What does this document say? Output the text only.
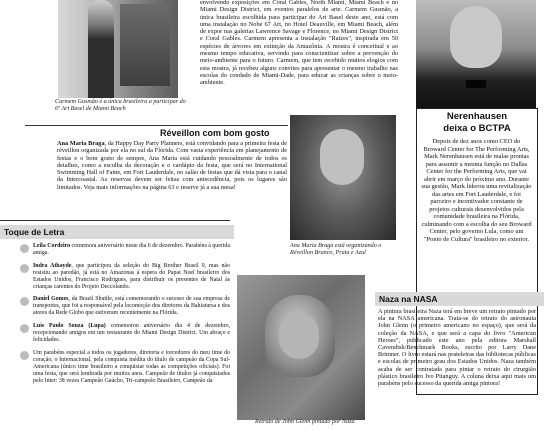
Carmem Gusmão é a única brasileira a participar do 6º Art Basel de Miami Beach
envolvendo exposições em Coral Gables, North Miami, Miami Beach e no Miami Design District, em eventos paralelos de arte. Carmem Gusmão, a única brasileira escolhida para participar do Art Basel deste ano, está com uma instalação no Nobe 67 Art, no Hotel Deauville, em Miami Beach, além de expor nas galerias Lawrence Savage e Florence, no Miami Design District e Coral Gables. Carmem apresenta a instalação "Raizes", inspirada em 50 espécies de árvores em extinção da Amazônia. A mostra é conceitual e ao mesmo tempo educativa, servindo para conscientizar sobre a prevenção do meio-ambiente para o futuro. Carmem, que tem recebido muitos elogios com esta mostra, já recebeu alguns convites para apresentar o mesmo trabalho nas escolas do condado de Miami-Dade, para educar as crianças sobre o meio-ambiente.
Nerenhausen
deixa o BCTPA
Depois de dez anos como CEO do Broward Center for The Performing Arts, Mark Nerenhausen está de malas prontas para assumir a mesma função no Dallas Center for the Performing Arts, que vai abrir em março do próximo ano. Durante sua gestão, Mark liderou uma revitalização das artes em Fort Lauderdale, e foi parceiro e incentivador constante de projetos culturais desenvolvidos pela comunidade brasileira na Flórida, culminando com a escolha do seu Broward Center, pelo governo Lula, como um "Ponto de Cultura" brasileiro no exterior.
Réveillon com bom gosto
Ana Maria Braga, da Happy Day Party Planners, está convidando para a primeira festa de réveillon organizada por ela no sul da Flórida. Com vasta experiência em planejamento de festas e o bom gosto de sempre, Ana Maria está cuidando pessoalmente de todos os detalhes, como a escolha da decoração e o cardápio da festa, que será no International Swimming Hall of Fame, em Fort Lauderdale, no salão de festas que dá vista para o canal da Intercoastal. As reservas devem ser feitas com antecedência, pois os lugares são limitados. Veja mais informações na página 63 e reserve já a sua mesa!
Ana Maria Braga está organizando o Réveillon Branco, Prata e Azul
Toque de Letra
Leila Cordeiro comemora aniversário neste dia 6 de dezembro. Parabéns à querida amiga.
Indra Athayde, que participou da seleção do Big Brother Brasil 9, mas não resistiu ao paredão, já está no Amazonas à espera do Papai Noel brasileiro dos Estados Unidos, Francisco Rodrigues, para distribuir os presentes de Natal às crianças carentes do Projeto Deccolando.
Daniel Gomes, da Brazil Shuttle, está comemorando o sucesso de sua empresa de transportes, que foi a responsável pela locomoção dos diretores da Bahiatursa e dos atores da Rede Globo que estiveram recentemente na Flórida.
Luis Paulo Souza (Lupa) comemorou aniversário dia 4 de dezembro, recepcionando amigos em um restaurante do Miami Design District. Um abraço e felicidades.
Um parabéns especial a todos os jogadores, diretoria e torcedores do meu time do coração, o Internacional, pela conquista inédita do título de campeão da Copa Sul-Americana (único time brasileiro a conquistar todas as competições oficiais). Foi uma festa, que será lembrada por muitos anos. Campeão de títulos já conquistados pelo Inter: 38 vezes Campeão Gaúcho, Tri-campeão Brasileiro, Campeão da
Retrato de John Glenn pintado por Naza
Naza na NASA
A pintura brasileira Naza terá em breve um retrato pintado por ela na NASA americana. Trata-se do retrato do astronauta John Glenn (o primeiro americano no espaço), que será da coleção da NASA, e que será a capa do livro "American Heroes", publicado este ano pela editora Marshall Cavendish/Benchmark Books, escrito por Larry Dane Brimner. O livro estará nas prateleiras das bibliotecas públicas e escolas de primeiro grau dos Estados Unidos. Naza também acaba de ser contratada para pintar o retrato do cirurgião plástico brasileiro Ivo Pitanguy. A coluna deixa aqui mais um parabéns pelo sucesso da querida amiga pintora!
